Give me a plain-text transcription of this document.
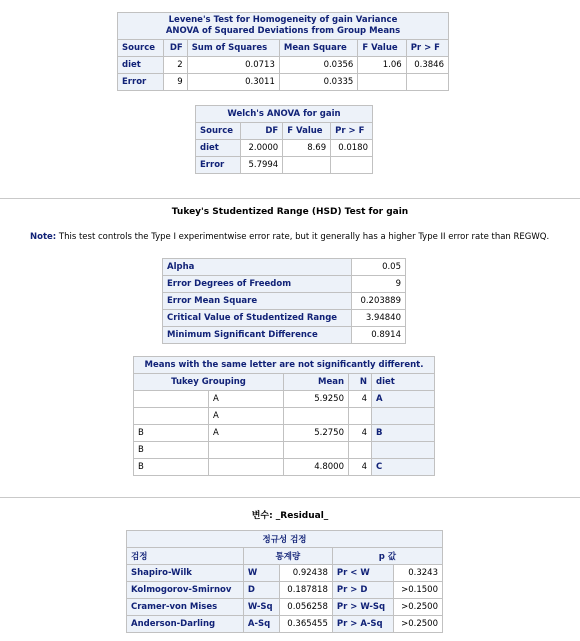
Levene's Test for Homogeneity of gain Variance
ANOVA of Squared Deviations from Group Means					
Source	DF	Sum of Squares	Mean Square	F Value	Pr > F
diet	2	0.0713	0.0356	1.06	0.3846
Error	9	0.3011	0.0335		
Welch's ANOVA for gain			
Source	DF	F Value	Pr > F
diet	2.0000	8.69	0.0180
Error	5.7994		
Tukey's Studentized Range (HSD) Test for gain
Note: This test controls the Type I experimentwise error rate, but it generally has a higher Type II error rate than REGWQ.
Alpha	0.05
Error Degrees of Freedom	9
Error Mean Square	0.203889
Critical Value of Studentized Range	3.94840
Minimum Significant Difference	0.8914
Means with the same letter are not significantly different.				
Tukey Grouping		Mean	N	diet
	A	5.9250	4	A
	A			
B	A	5.2750	4	B
B				
B		4.8000	4	C
변수: _Residual_
정규성 검정				
검정	통계량		p 값	
Shapiro-Wilk	W	0.92438	Pr < W	0.3243
Kolmogorov-Smirnov	D	0.187818	Pr > D	>0.1500
Cramer-von Mises	W-Sq	0.056258	Pr > W-Sq	>0.2500
Anderson-Darling	A-Sq	0.365455	Pr > A-Sq	>0.2500
